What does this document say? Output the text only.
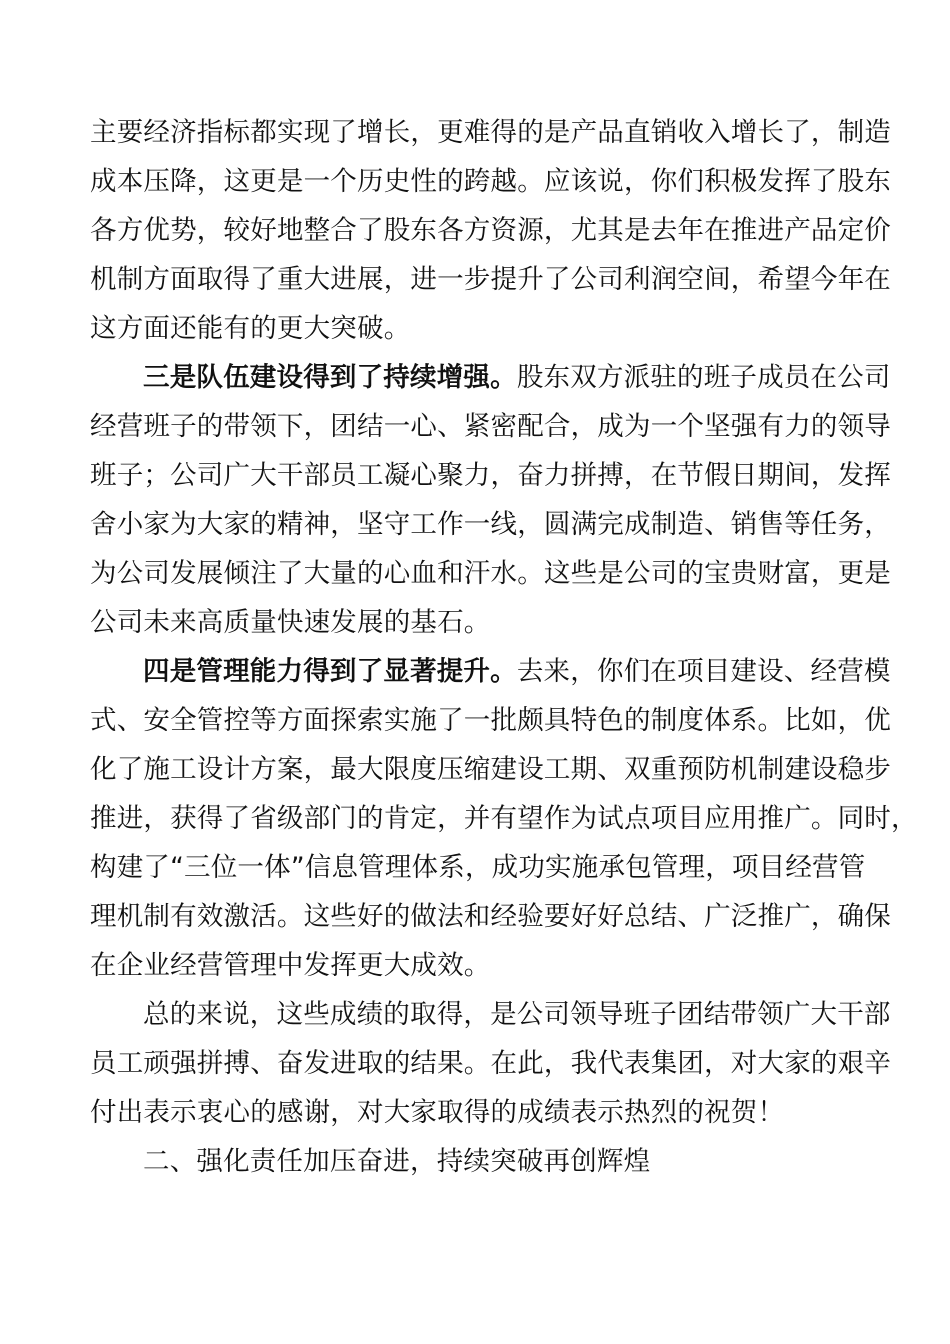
主要经济指标都实现了增长，更难得的是产品直销收入增长了，制造
成本压降，这更是一个历史性的跨越。应该说，你们积极发挥了股东
各方优势，较好地整合了股东各方资源，尤其是去年在推进产品定价
机制方面取得了重大进展，进一步提升了公司利润空间，希望今年在
这方面还能有的更大突破。

三是队伍建设得到了持续增强。股东双方派驻的班子成员在公司
经营班子的带领下，团结一心、紧密配合，成为一个坚强有力的领导
班子；公司广大干部员工凝心聚力，奋力拼搏，在节假日期间，发挥
舍小家为大家的精神，坚守工作一线，圆满完成制造、销售等任务，
为公司发展倾注了大量的心血和汗水。这些是公司的宝贵财富，更是
公司未来高质量快速发展的基石。

四是管理能力得到了显著提升。去来，你们在项目建设、经营模
式、安全管控等方面探索实施了一批颇具特色的制度体系。比如，优
化了施工设计方案，最大限度压缩建设工期、双重预防机制建设稳步
推进，获得了省级部门的肯定，并有望作为试点项目应用推广。同时，
构建了“三位一体”信息管理体系，成功实施承包管理，项目经营管
理机制有效激活。这些好的做法和经验要好好总结、广泛推广，确保
在企业经营管理中发挥更大成效。

总的来说，这些成绩的取得，是公司领导班子团结带领广大干部
员工顽强拼搏、奋发进取的结果。在此，我代表集团，对大家的艰辛
付出表示衷心的感谢，对大家取得的成绩表示热烈的祝贺！

二、强化责任加压奋进，持续突破再创辉煌
